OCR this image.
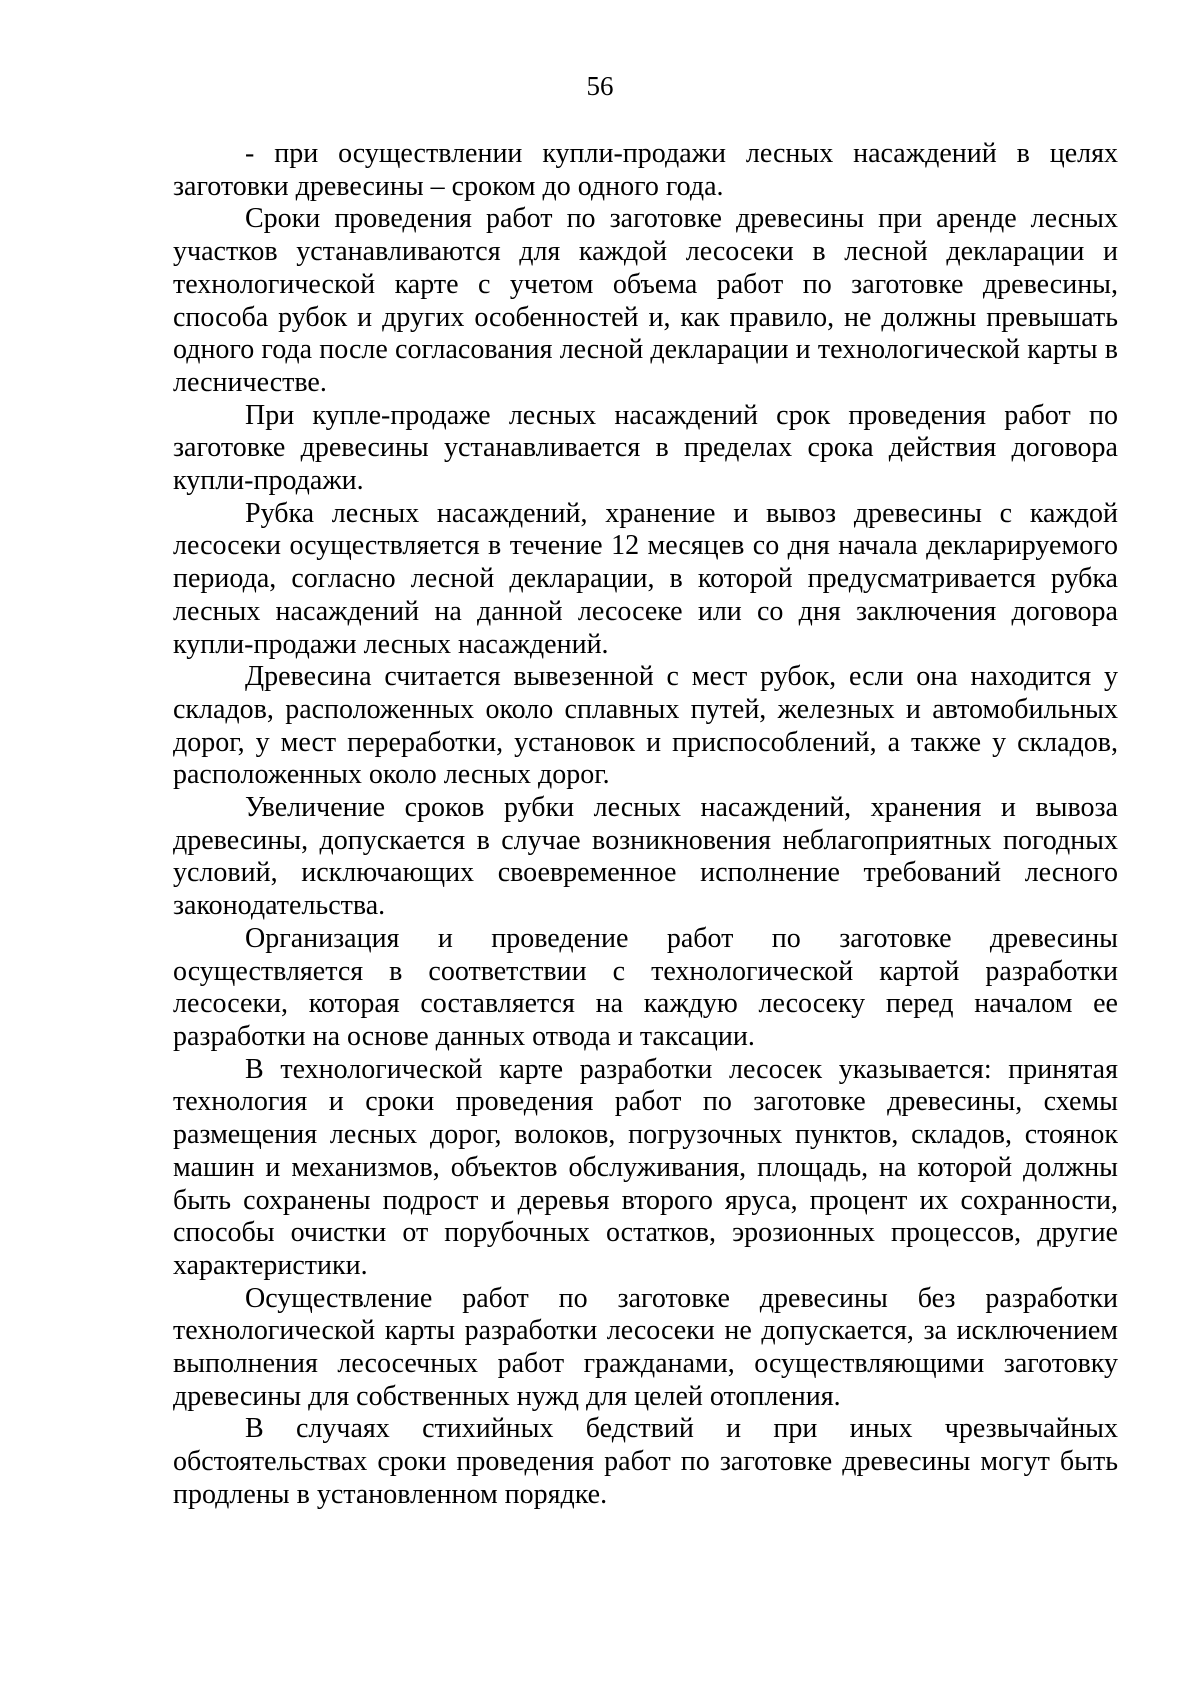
56

- при осуществлении купли-продажи лесных насаждений в целях заготовки древесины – сроком до одного года.

Сроки проведения работ по заготовке древесины при аренде лесных участков устанавливаются для каждой лесосеки в лесной декларации и технологической карте с учетом объема работ по заготовке древесины, способа рубок и других особенностей и, как правило, не должны превышать одного года после согласования лесной декларации и технологической карты в лесничестве.

При купле-продаже лесных насаждений срок проведения работ по заготовке древесины устанавливается в пределах срока действия договора купли-продажи.

Рубка лесных насаждений, хранение и вывоз древесины с каждой лесосеки осуществляется в течение 12 месяцев со дня начала декларируемого периода, согласно лесной декларации, в которой предусматривается рубка лесных насаждений на данной лесосеке или со дня заключения договора купли-продажи лесных насаждений.

Древесина считается вывезенной с мест рубок, если она находится у складов, расположенных около сплавных путей, железных и автомобильных дорог, у мест переработки, установок и приспособлений, а также у складов, расположенных около лесных дорог.

Увеличение сроков рубки лесных насаждений, хранения и вывоза древесины, допускается в случае возникновения неблагоприятных погодных условий, исключающих своевременное исполнение требований лесного законодательства.

Организация и проведение работ по заготовке древесины осуществляется в соответствии с технологической картой разработки лесосеки, которая составляется на каждую лесосеку перед началом ее разработки на основе данных отвода и таксации.

В технологической карте разработки лесосек указывается: принятая технология и сроки проведения работ по заготовке древесины, схемы размещения лесных дорог, волоков, погрузочных пунктов, складов, стоянок машин и механизмов, объектов обслуживания, площадь, на которой должны быть сохранены подрост и деревья второго яруса, процент их сохранности, способы очистки от порубочных остатков, эрозионных процессов, другие характеристики.

Осуществление работ по заготовке древесины без разработки технологической карты разработки лесосеки не допускается, за исключением выполнения лесосечных работ гражданами, осуществляющими заготовку древесины для собственных нужд для целей отопления.

В случаях стихийных бедствий и при иных чрезвычайных обстоятельствах сроки проведения работ по заготовке древесины могут быть продлены в установленном порядке.
